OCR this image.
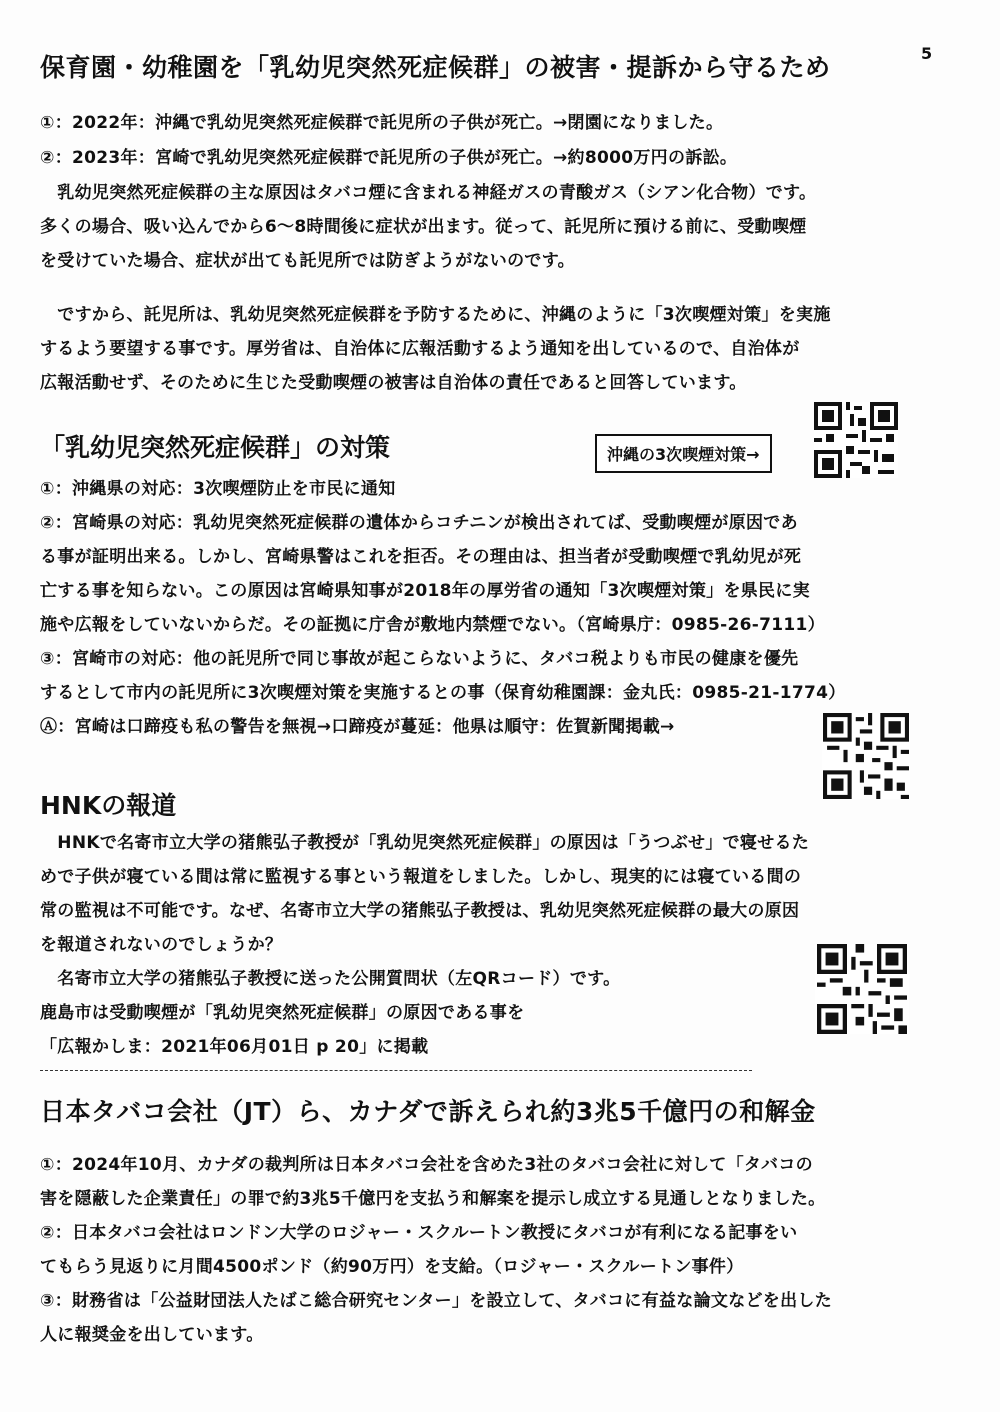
5
保育園・幼稚園を「乳幼児突然死症候群」の被害・提訴から守るため
①：2022年：沖縄で乳幼児突然死症候群で託児所の子供が死亡。→閉園になりました。
②：2023年：宮崎で乳幼児突然死症候群で託児所の子供が死亡。→約8000万円の訴訟。
　乳幼児突然死症候群の主な原因はタバコ煙に含まれる神経ガスの青酸ガス（シアン化合物）です。
多くの場合、吸い込んでから6～8時間後に症状が出ます。従って、託児所に預ける前に、受動喫煙
を受けていた場合、症状が出ても託児所では防ぎようがないのです。
　ですから、託児所は、乳幼児突然死症候群を予防するために、沖縄のように「3次喫煙対策」を実施
するよう要望する事です。厚労省は、自治体に広報活動するよう通知を出しているので、自治体が
広報活動せず、そのために生じた受動喫煙の被害は自治体の責任であると回答しています。
「乳幼児突然死症候群」の対策	沖縄の3次喫煙対策→
①：沖縄県の対応：3次喫煙防止を市民に通知
②：宮崎県の対応：乳幼児突然死症候群の遺体からコチニンが検出されてば、受動喫煙が原因であ
る事が証明出来る。しかし、宮崎県警はこれを拒否。その理由は、担当者が受動喫煙で乳幼児が死
亡する事を知らない。この原因は宮崎県知事が2018年の厚労省の通知「3次喫煙対策」を県民に実
施や広報をしていないからだ。その証拠に庁舎が敷地内禁煙でない。（宮崎県庁：0985-26-7111）
③：宮崎市の対応：他の託児所で同じ事故が起こらないように、タバコ税よりも市民の健康を優先
するとして市内の託児所に3次喫煙対策を実施するとの事（保育幼稚園課：金丸氏：0985-21-1774）
Ⓐ：宮崎は口蹄疫も私の警告を無視→口蹄疫が蔓延：他県は順守：佐賀新聞掲載→
HNKの報道
　HNKで名寄市立大学の猪熊弘子教授が「乳幼児突然死症候群」の原因は「うつぶせ」で寝せるた
めで子供が寝ている間は常に監視する事という報道をしました。しかし、現実的には寝ている間の
常の監視は不可能です。なぜ、名寄市立大学の猪熊弘子教授は、乳幼児突然死症候群の最大の原因
を報道されないのでしょうか？
　名寄市立大学の猪熊弘子教授に送った公開質問状（左QRコード）です。
鹿島市は受動喫煙が「乳幼児突然死症候群」の原因である事を
「広報かしま：2021年06月01日 p 20」に掲載
日本タバコ会社（JT）ら、カナダで訴えられ約3兆5千億円の和解金
①：2024年10月、カナダの裁判所は日本タバコ会社を含めた3社のタバコ会社に対して「タバコの
害を隠蔽した企業責任」の罪で約3兆5千億円を支払う和解案を提示し成立する見通しとなりました。
②：日本タバコ会社はロンドン大学のロジャー・スクルートン教授にタバコが有利になる記事をい
てもらう見返りに月間4500ポンド（約90万円）を支給。（ロジャー・スクルートン事件）
③：財務省は「公益財団法人たばこ総合研究センター」を設立して、タバコに有益な論文などを出した
人に報奨金を出しています。
